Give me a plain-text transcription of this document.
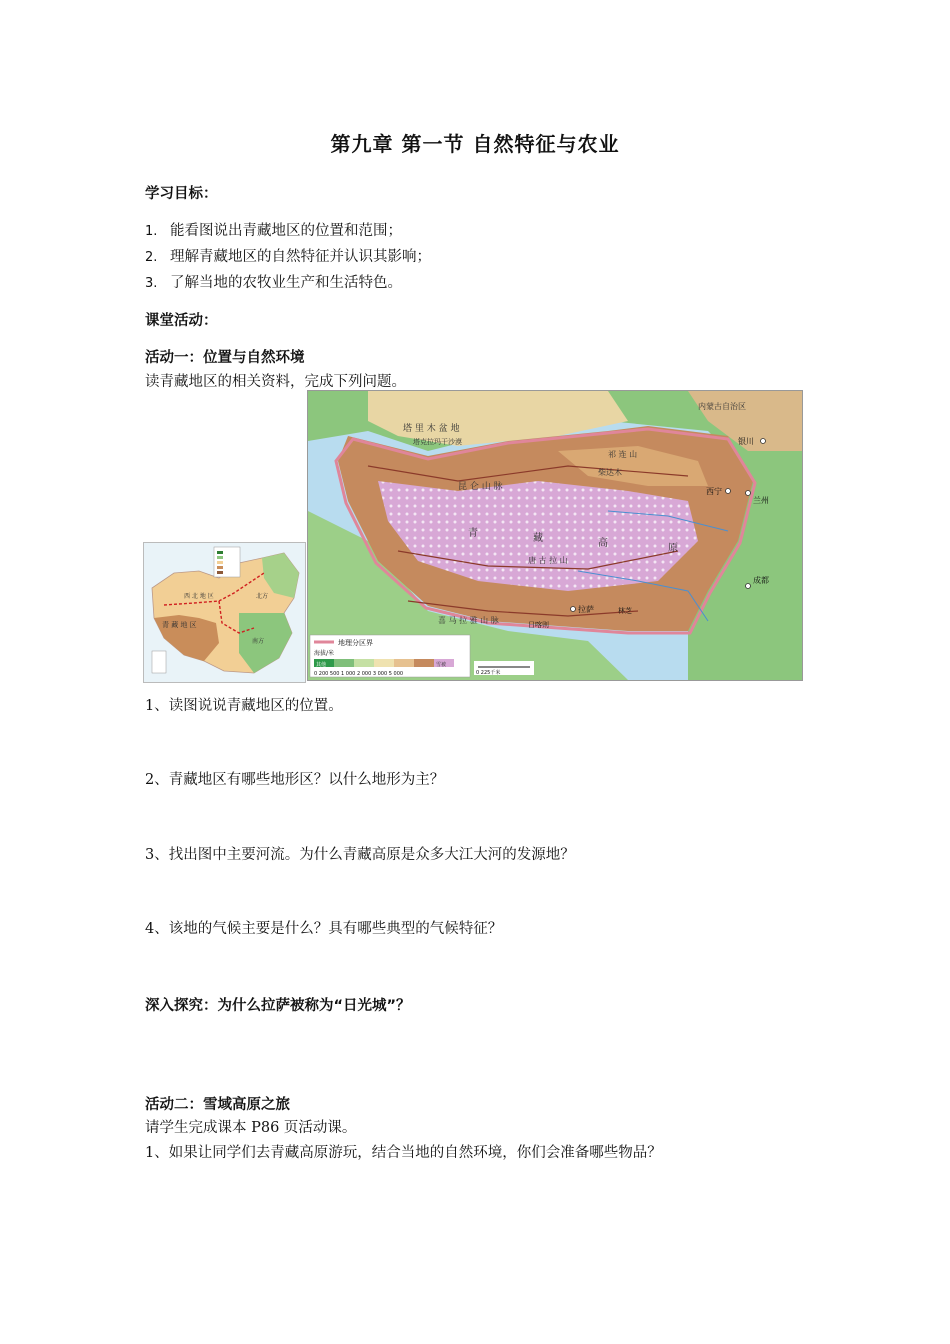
第九章 第一节 自然特征与农业
学习目标：
1. 能看图说出青藏地区的位置和范围；
2. 理解青藏地区的自然特征并认识其影响；
3. 了解当地的农牧业生产和生活特色。
课堂活动：
活动一：位置与自然环境
读青藏地区的相关资料，完成下列问题。
青 藏 地 区
西 北 地 区	北方
南方
内蒙古自治区
塔 里 木 盆 地
塔克拉玛干沙漠
昆 仑 山 脉
祁 连 山
柴达木
青	藏	高	原
唐 古 拉 山
喜 马 拉 雅 山 脉
银川
西宁
兰州
成都
拉萨	林芝
日喀则
地理分区界
海拔/米
其他	雪被
0 200 500 1 000 2 000 3 000 5 000	0 225千米
1、读图说说青藏地区的位置。
2、青藏地区有哪些地形区？以什么地形为主？
3、找出图中主要河流。为什么青藏高原是众多大江大河的发源地？
4、该地的气候主要是什么？具有哪些典型的气候特征？
深入探究：为什么拉萨被称为“日光城”？
活动二：雪域高原之旅
请学生完成课本 P86 页活动课。
1、如果让同学们去青藏高原游玩，结合当地的自然环境，你们会准备哪些物品？
